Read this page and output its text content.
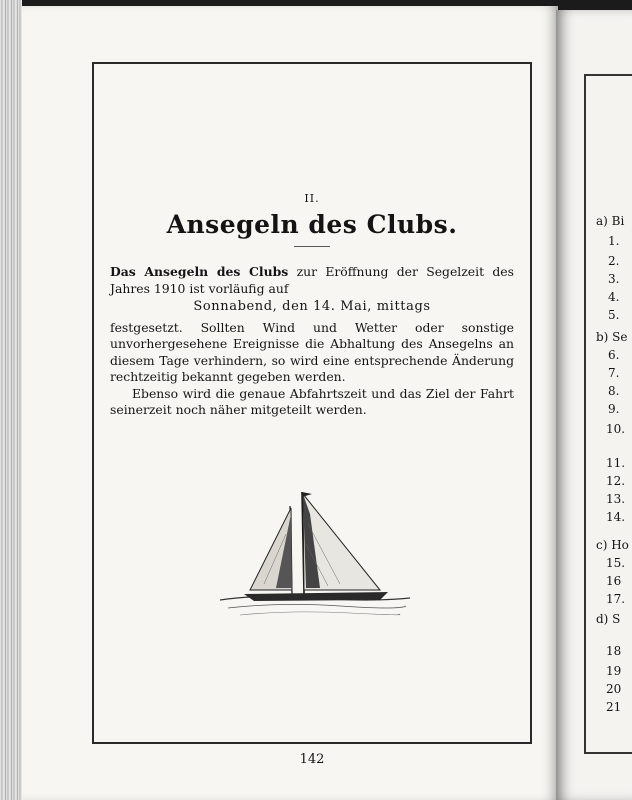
II.
Ansegeln des Clubs.

Das Ansegeln des Clubs zur Eröffnung der Segelzeit des Jahres 1910 ist vorläufig auf

Sonnabend, den 14. Mai, mittags

festgesetzt. Sollten Wind und Wetter oder sonstige unvorhergesehene Ereignisse die Abhaltung des Ansegelns an diesem Tage verhindern, so wird eine entsprechende Änderung rechtzeitig bekannt gegeben werden.

Ebenso wird die genaue Abfahrtszeit und das Ziel der Fahrt seinerzeit noch näher mitgeteilt werden.

142
a) Bi
1.
2.
3.
4.
5.
b) Se
6.
7.
8.
9.
10.
11.
12.
13.
14.
c) Ho
15.
16
17.
d) S
18
19
20
21
